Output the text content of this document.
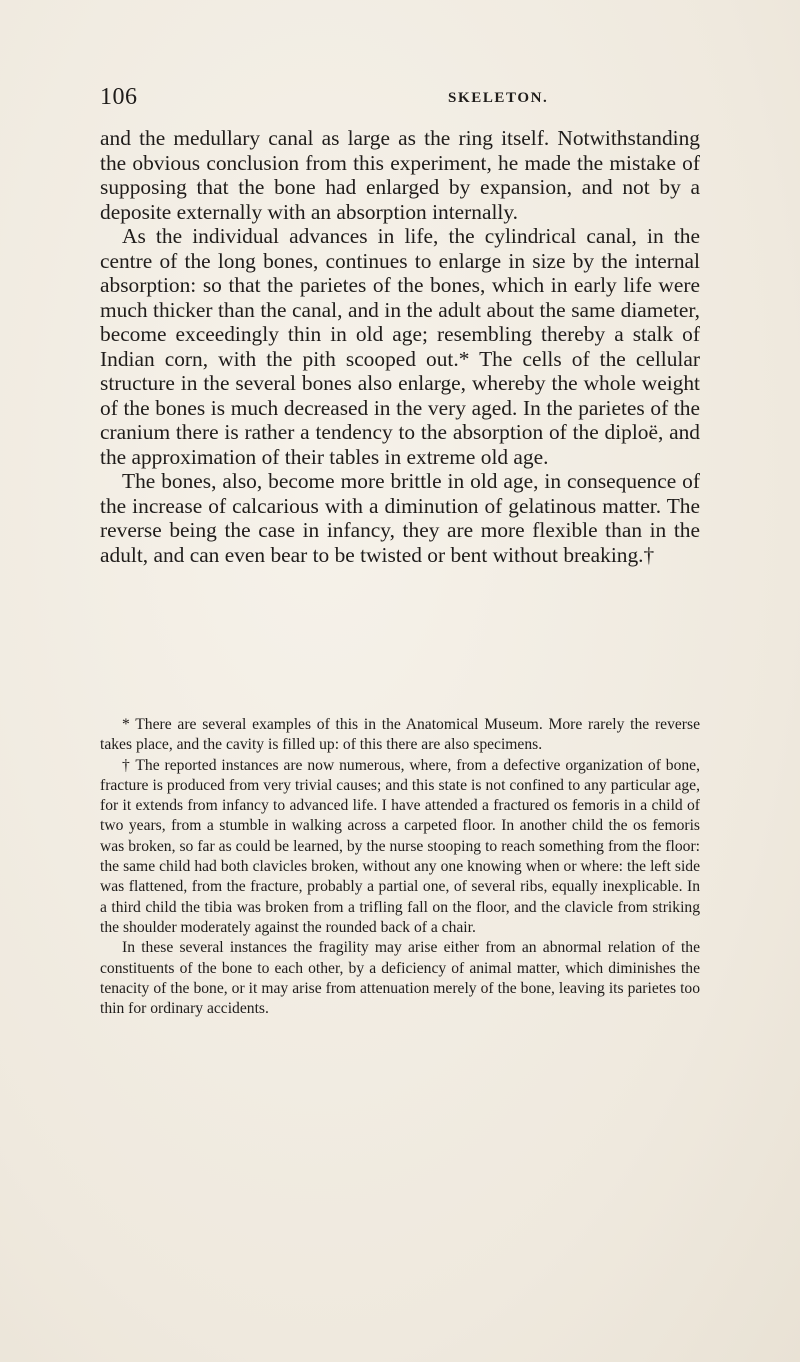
106	SKELETON.

and the medullary canal as large as the ring itself. Notwithstanding the obvious conclusion from this experiment, he made the mistake of supposing that the bone had enlarged by expansion, and not by a deposite externally with an absorption internally.

As the individual advances in life, the cylindrical canal, in the centre of the long bones, continues to enlarge in size by the internal absorption: so that the parietes of the bones, which in early life were much thicker than the canal, and in the adult about the same diameter, become exceedingly thin in old age; resembling thereby a stalk of Indian corn, with the pith scooped out.* The cells of the cellular structure in the several bones also enlarge, whereby the whole weight of the bones is much decreased in the very aged. In the parietes of the cranium there is rather a tendency to the absorption of the diploë, and the approximation of their tables in extreme old age.

The bones, also, become more brittle in old age, in consequence of the increase of calcarious with a diminution of gelatinous matter. The reverse being the case in infancy, they are more flexible than in the adult, and can even bear to be twisted or bent without breaking.†

* There are several examples of this in the Anatomical Museum. More rarely the reverse takes place, and the cavity is filled up: of this there are also specimens.

† The reported instances are now numerous, where, from a defective organization of bone, fracture is produced from very trivial causes; and this state is not confined to any particular age, for it extends from infancy to advanced life. I have attended a fractured os femoris in a child of two years, from a stumble in walking across a carpeted floor. In another child the os femoris was broken, so far as could be learned, by the nurse stooping to reach something from the floor: the same child had both clavicles broken, without any one knowing when or where: the left side was flattened, from the fracture, probably a partial one, of several ribs, equally inexplicable. In a third child the tibia was broken from a trifling fall on the floor, and the clavicle from striking the shoulder moderately against the rounded back of a chair.

In these several instances the fragility may arise either from an abnormal relation of the constituents of the bone to each other, by a deficiency of animal matter, which diminishes the tenacity of the bone, or it may arise from attenuation merely of the bone, leaving its parietes too thin for ordinary accidents.
